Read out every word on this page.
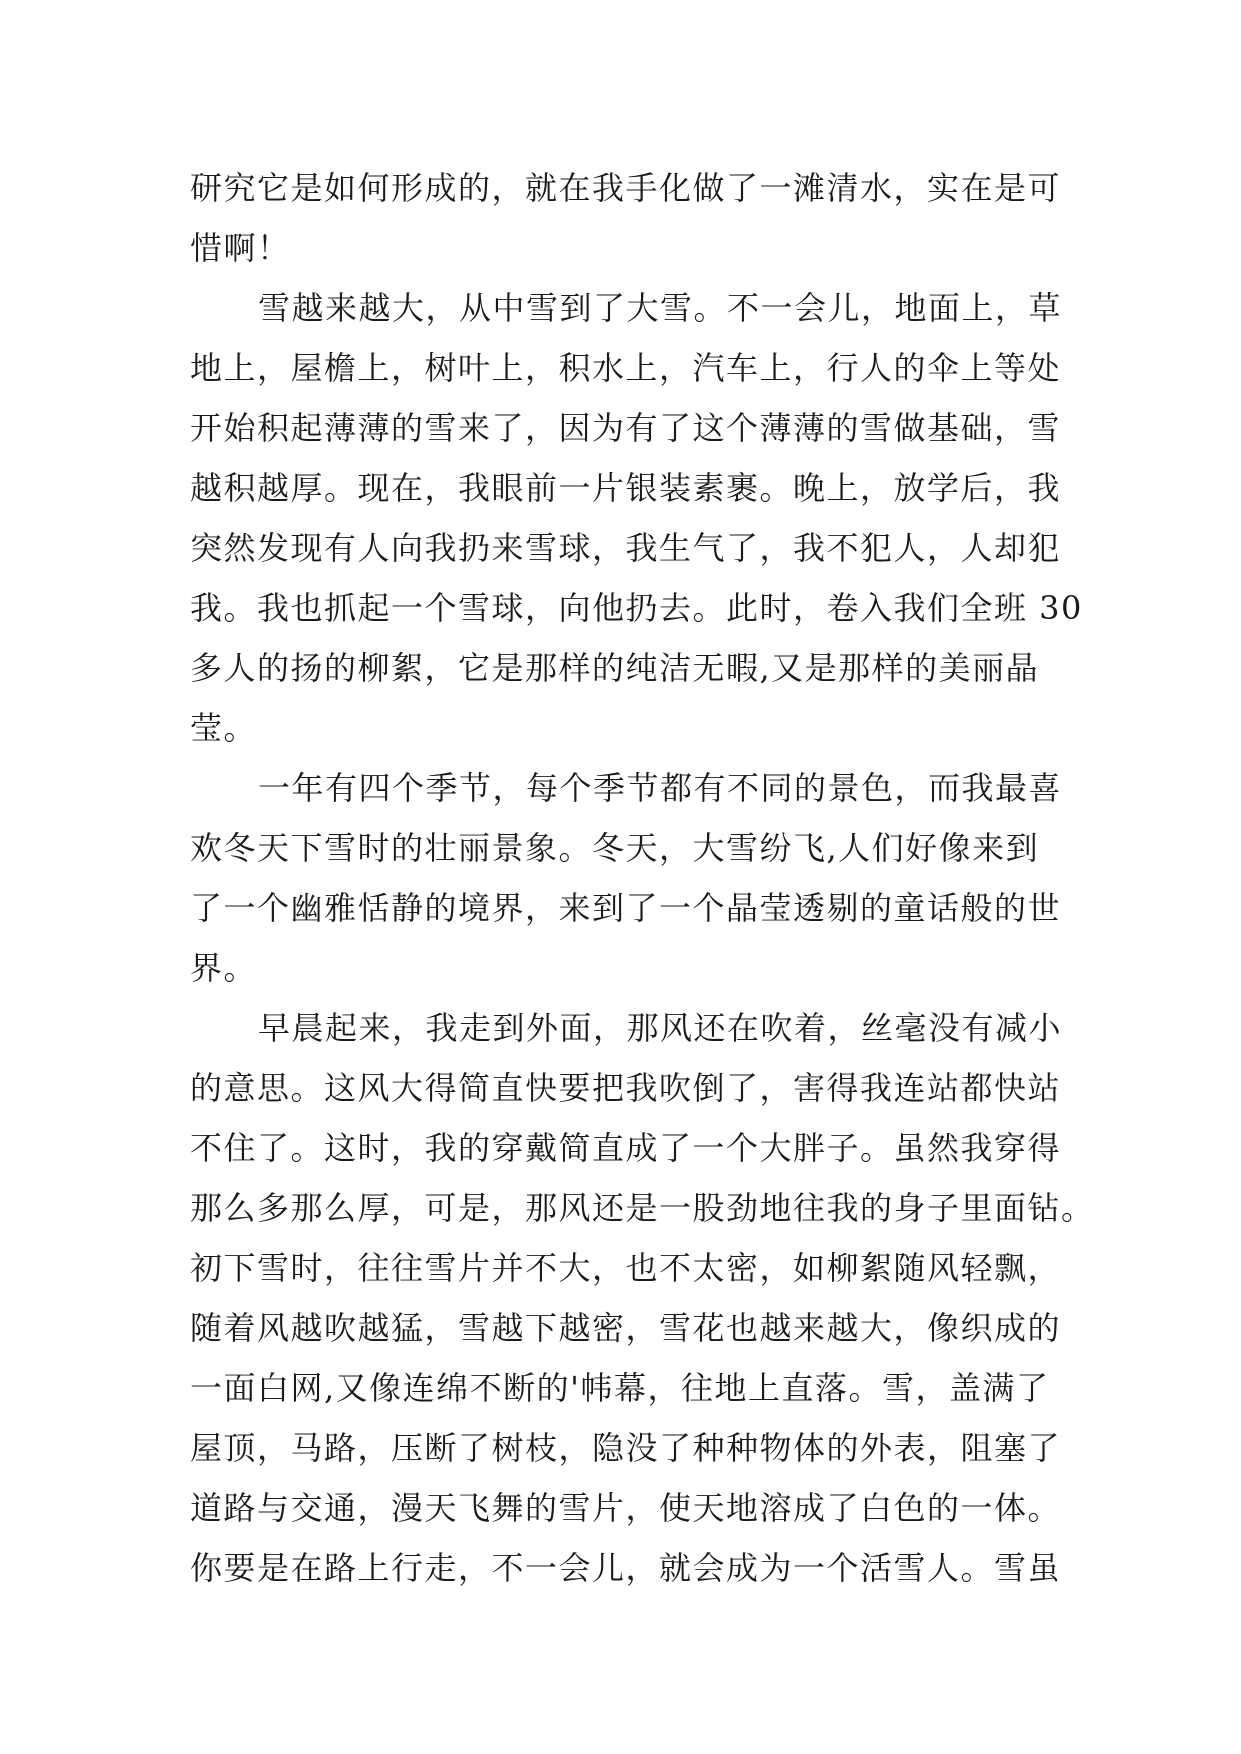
研究它是如何形成的，就在我手化做了一滩清水，实在是可
惜啊！
雪越来越大，从中雪到了大雪。不一会儿，地面上，草
地上，屋檐上，树叶上，积水上，汽车上，行人的伞上等处
开始积起薄薄的雪来了，因为有了这个薄薄的雪做基础，雪
越积越厚。现在，我眼前一片银装素裹。晚上，放学后，我
突然发现有人向我扔来雪球，我生气了，我不犯人，人却犯
我。我也抓起一个雪球，向他扔去。此时，卷入我们全班 30
多人的扬的柳絮，它是那样的纯洁无暇,又是那样的美丽晶
莹。
一年有四个季节，每个季节都有不同的景色，而我最喜
欢冬天下雪时的壮丽景象。冬天，大雪纷飞,人们好像来到
了一个幽雅恬静的境界，来到了一个晶莹透剔的童话般的世
界。
早晨起来，我走到外面，那风还在吹着，丝毫没有减小
的意思。这风大得简直快要把我吹倒了，害得我连站都快站
不住了。这时，我的穿戴简直成了一个大胖子。虽然我穿得
那么多那么厚，可是，那风还是一股劲地往我的身子里面钻。
初下雪时，往往雪片并不大，也不太密，如柳絮随风轻飘，
随着风越吹越猛，雪越下越密，雪花也越来越大，像织成的
一面白网,又像连绵不断的'帏幕，往地上直落。雪，盖满了
屋顶，马路，压断了树枝，隐没了种种物体的外表，阻塞了
道路与交通，漫天飞舞的雪片，使天地溶成了白色的一体。
你要是在路上行走，不一会儿，就会成为一个活雪人。雪虽
